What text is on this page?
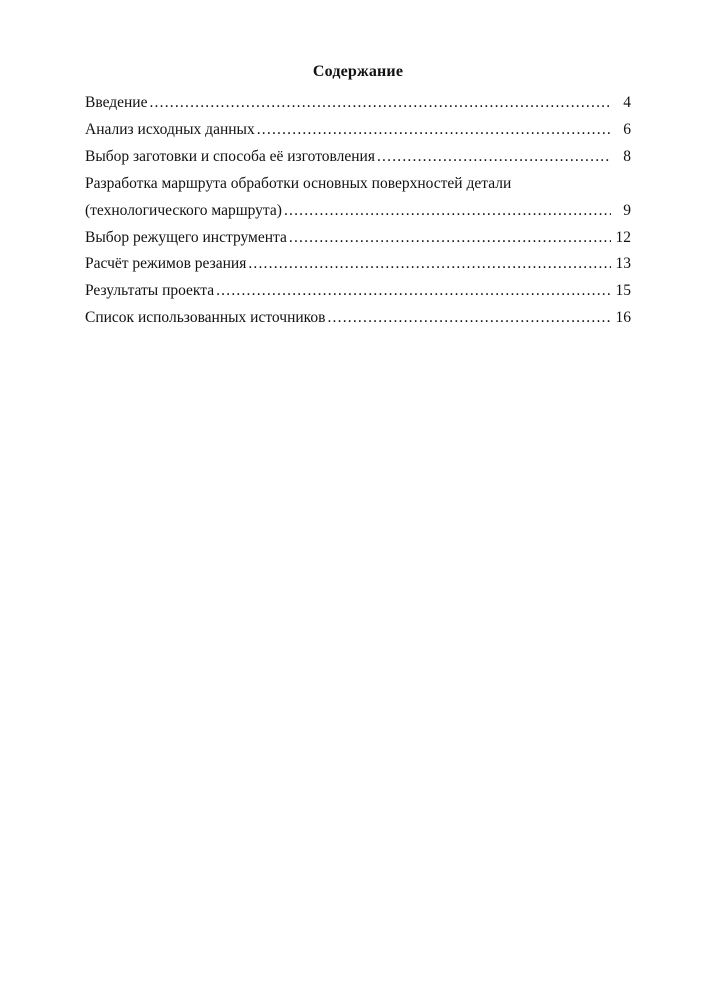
Содержание
Введение .....	4
Анализ исходных данных .....	6
Выбор заготовки и способа её изготовления .....	8
Разработка маршрута обработки основных поверхностей детали
(технологического маршрута) .....	9
Выбор режущего инструмента .....	12
Расчёт режимов резания .....	13
Результаты проекта .....	15
Список использованных источников .....	16
